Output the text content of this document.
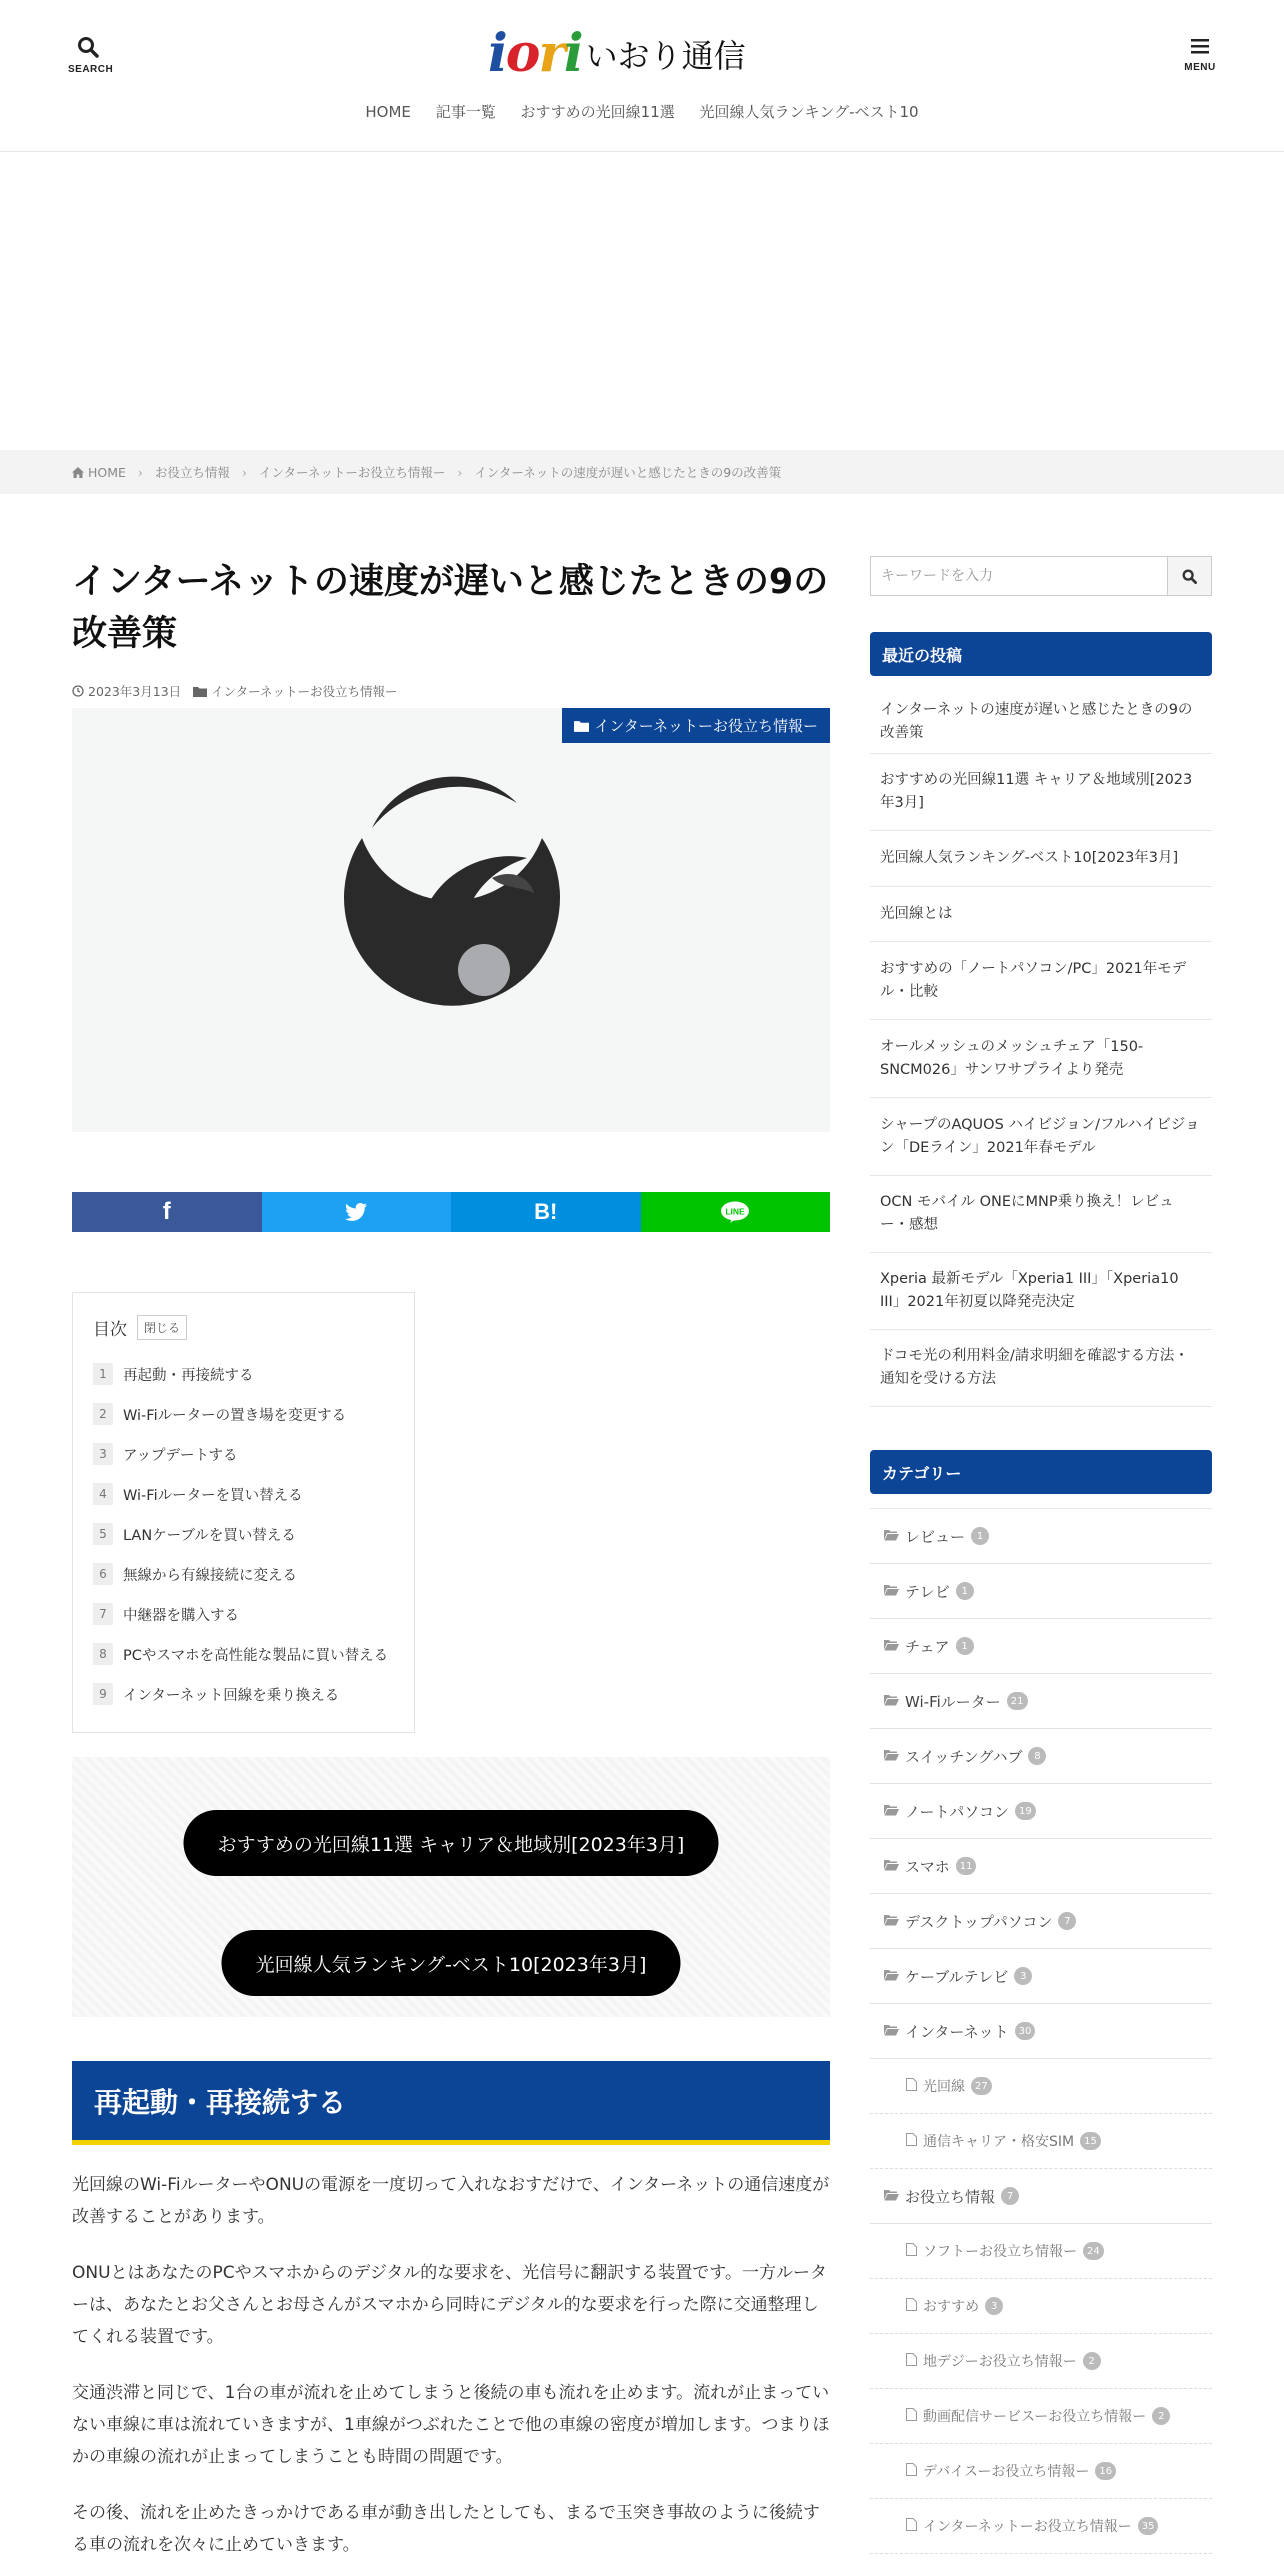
SEARCH	iori いおり通信	MENU
HOME 記事一覧 おすすめの光回線11選 光回線人気ランキング-ベスト10
HOME › お役立ち情報 › インターネットーお役立ち情報ー › インターネットの速度が遅いと感じたときの9の改善策
インターネットの速度が遅いと感じたときの9の改善策
2023年3月13日 インターネットーお役立ち情報ー
インターネットーお役立ち情報ー
f	B!	LINE
目次	閉じる
1	再起動・再接続する
2	Wi-Fiルーターの置き場を変更する
3	アップデートする
4	Wi-Fiルーターを買い替える
5	LANケーブルを買い替える
6	無線から有線接続に変える
7	中継器を購入する
8	PCやスマホを高性能な製品に買い替える
9	インターネット回線を乗り換える
おすすめの光回線11選 キャリア＆地域別[2023年3月]
光回線人気ランキング-ベスト10[2023年3月]
再起動・再接続する

光回線のWi-FiルーターやONUの電源を一度切って入れなおすだけで、インターネットの通信速度が改善することがあります。

ONUとはあなたのPCやスマホからのデジタル的な要求を、光信号に翻訳する装置です。一方ルーターは、あなたとお父さんとお母さんがスマホから同時にデジタル的な要求を行った際に交通整理してくれる装置です。

交通渋滞と同じで、1台の車が流れを止めてしまうと後続の車も流れを止めます。流れが止まっていない車線に車は流れていきますが、1車線がつぶれたことで他の車線の密度が増加します。つまりほかの車線の流れが止まってしまうことも時間の問題です。

その後、流れを止めたきっかけである車が動き出したとしても、まるで玉突き事故のように後続する車の流れを次々に止めていきます。

キーワードを入力
最近の投稿
インターネットの速度が遅いと感じたときの9の改善策
おすすめの光回線11選 キャリア＆地域別[2023年3月]
光回線人気ランキング-ベスト10[2023年3月]
光回線とは
おすすめの「ノートパソコン/PC」2021年モデル・比較
オールメッシュのメッシュチェア「150-SNCM026」サンワサプライより発売
シャープのAQUOS ハイビジョン/フルハイビジョン「DEライン」2021年春モデル
OCN モバイル ONEにMNP乗り換え！レビュー・感想
Xperia 最新モデル「Xperia1 III」「Xperia10 III」2021年初夏以降発売決定
ドコモ光の利用料金/請求明細を確認する方法・通知を受ける方法
カテゴリー
レビュー	1
テレビ	1
チェア	1
Wi-Fiルーター	21
スイッチングハブ	8
ノートパソコン	19
スマホ	11
デスクトップパソコン	7
ケーブルテレビ	3
インターネット	30
光回線	27
通信キャリア・格安SIM	15
お役立ち情報	7
ソフトーお役立ち情報ー	24
おすすめ	3
地デジーお役立ち情報ー	2
動画配信サービスーお役立ち情報ー	2
デバイスーお役立ち情報ー	16
インターネットーお役立ち情報ー	35
